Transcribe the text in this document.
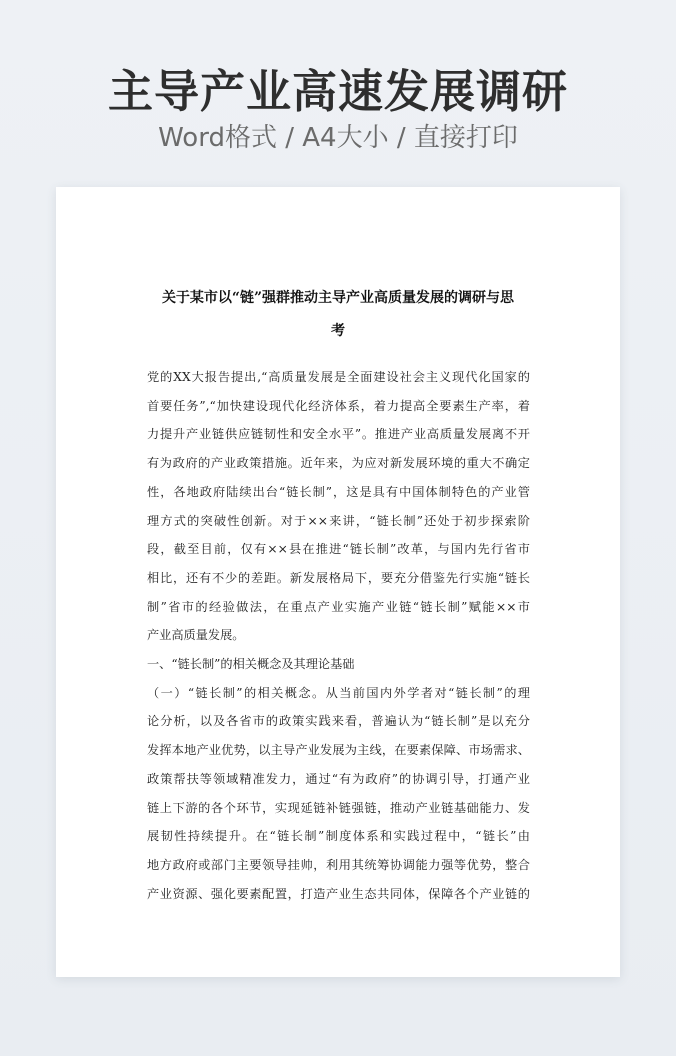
主导产业高速发展调研
Word格式 / A4大小 / 直接打印
关于某市以“链”强群推动主导产业高质量发展的调研与思
考
党的XX大报告提出,“高质量发展是全面建设社会主义现代化国家的
首要任务”,“加快建设现代化经济体系，着力提高全要素生产率，着
力提升产业链供应链韧性和安全水平”。推进产业高质量发展离不开
有为政府的产业政策措施。近年来，为应对新发展环境的重大不确定
性，各地政府陆续出台“链长制”，这是具有中国体制特色的产业管
理方式的突破性创新。对于××来讲，“链长制”还处于初步探索阶
段，截至目前，仅有××县在推进“链长制”改革，与国内先行省市
相比，还有不少的差距。新发展格局下，要充分借鉴先行实施“链长
制”省市的经验做法，在重点产业实施产业链“链长制”赋能××市
产业高质量发展。
一、“链长制”的相关概念及其理论基础
（一）“链长制”的相关概念。从当前国内外学者对“链长制”的理
论分析，以及各省市的政策实践来看，普遍认为“链长制”是以充分
发挥本地产业优势，以主导产业发展为主线，在要素保障、市场需求、
政策帮扶等领域精准发力，通过“有为政府”的协调引导，打通产业
链上下游的各个环节，实现延链补链强链，推动产业链基础能力、发
展韧性持续提升。在“链长制”制度体系和实践过程中，“链长”由
地方政府或部门主要领导挂帅，利用其统筹协调能力强等优势，整合
产业资源、强化要素配置，打造产业生态共同体，保障各个产业链的
